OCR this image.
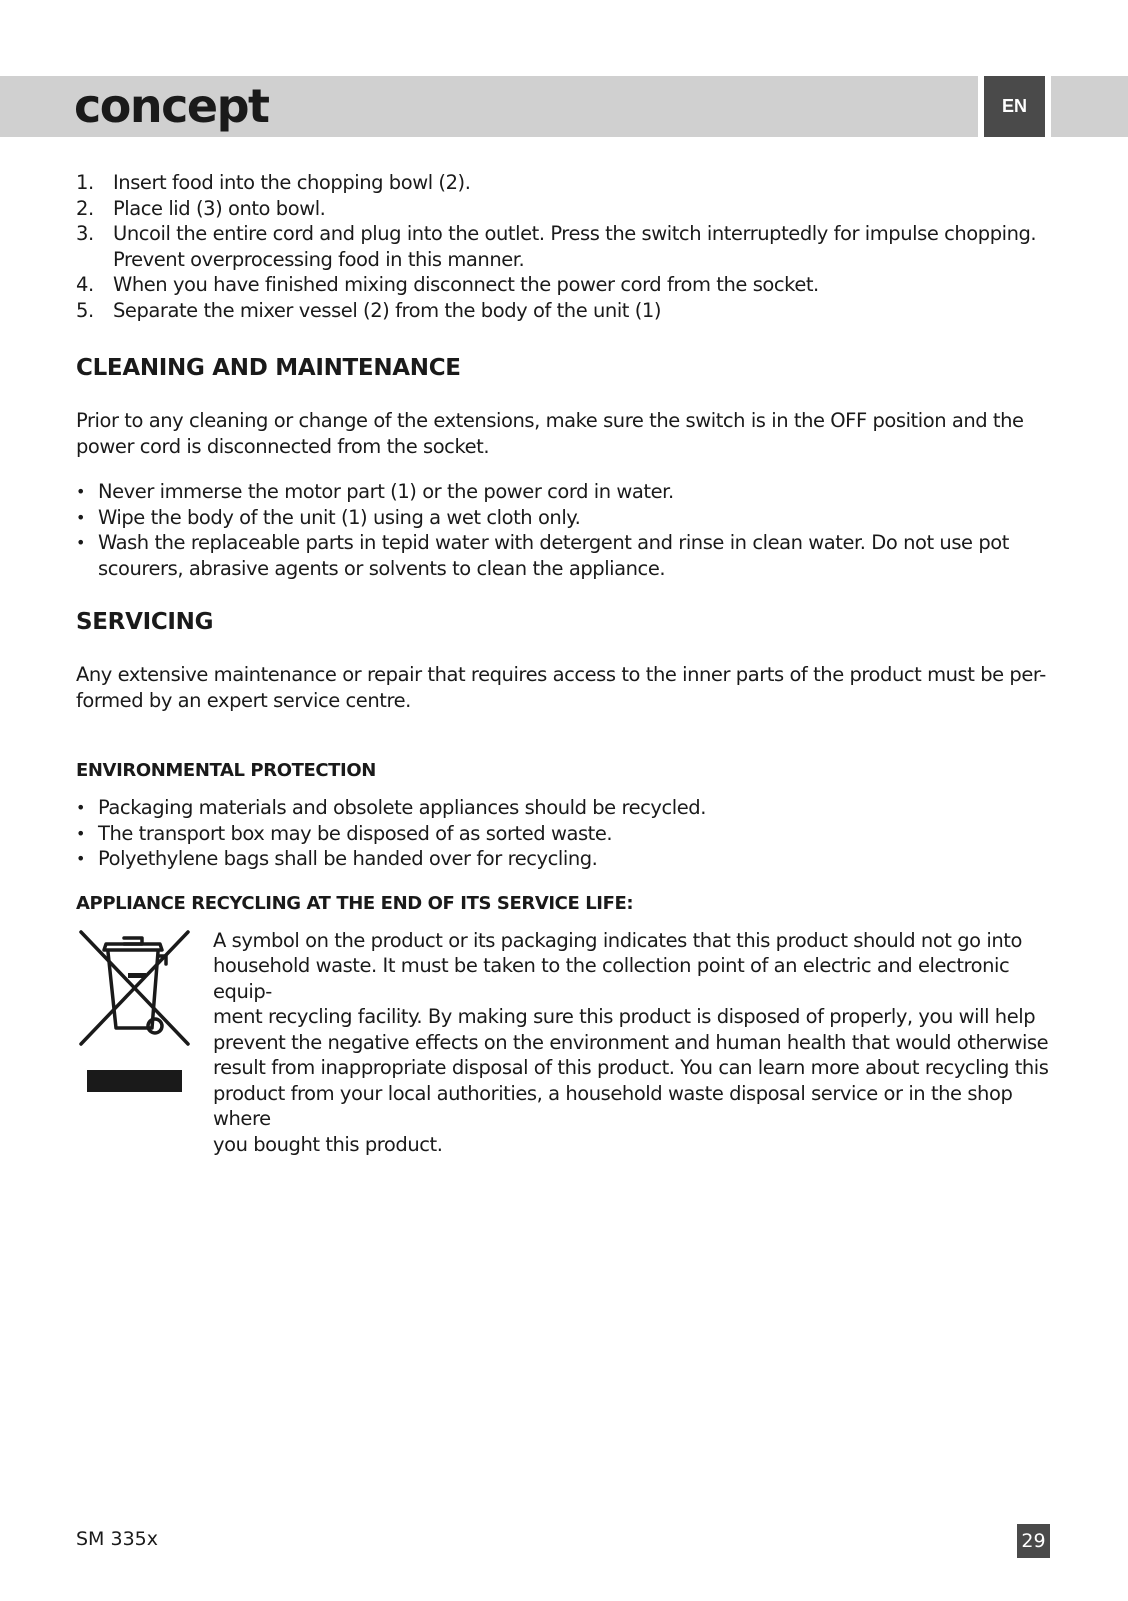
concept	EN
1. Insert food into the chopping bowl (2).
2. Place lid (3) onto bowl.
3. Uncoil the entire cord and plug into the outlet. Press the switch interruptedly for impulse chopping. Prevent overprocessing food in this manner.
4. When you have finished mixing disconnect the power cord from the socket.
5. Separate the mixer vessel (2) from the body of the unit (1)
CLEANING AND MAINTENANCE

Prior to any cleaning or change of the extensions, make sure the switch is in the OFF position and the power cord is disconnected from the socket.

• Never immerse the motor part (1) or the power cord in water.
• Wipe the body of the unit (1) using a wet cloth only.
• Wash the replaceable parts in tepid water with detergent and rinse in clean water. Do not use pot scourers, abrasive agents or solvents to clean the appliance.
SERVICING

Any extensive maintenance or repair that requires access to the inner parts of the product must be per-
formed by an expert service centre.

ENVIRONMENTAL PROTECTION
• Packaging materials and obsolete appliances should be recycled.
• The transport box may be disposed of as sorted waste.
• Polyethylene bags shall be handed over for recycling.
APPLIANCE RECYCLING AT THE END OF ITS SERVICE LIFE:
A symbol on the product or its packaging indicates that this product should not go into
household waste. It must be taken to the collection point of an electric and electronic equip-
ment recycling facility. By making sure this product is disposed of properly, you will help
prevent the negative effects on the environment and human health that would otherwise
result from inappropriate disposal of this product. You can learn more about recycling this
product from your local authorities, a household waste disposal service or in the shop where
you bought this product.
SM 335x	29
